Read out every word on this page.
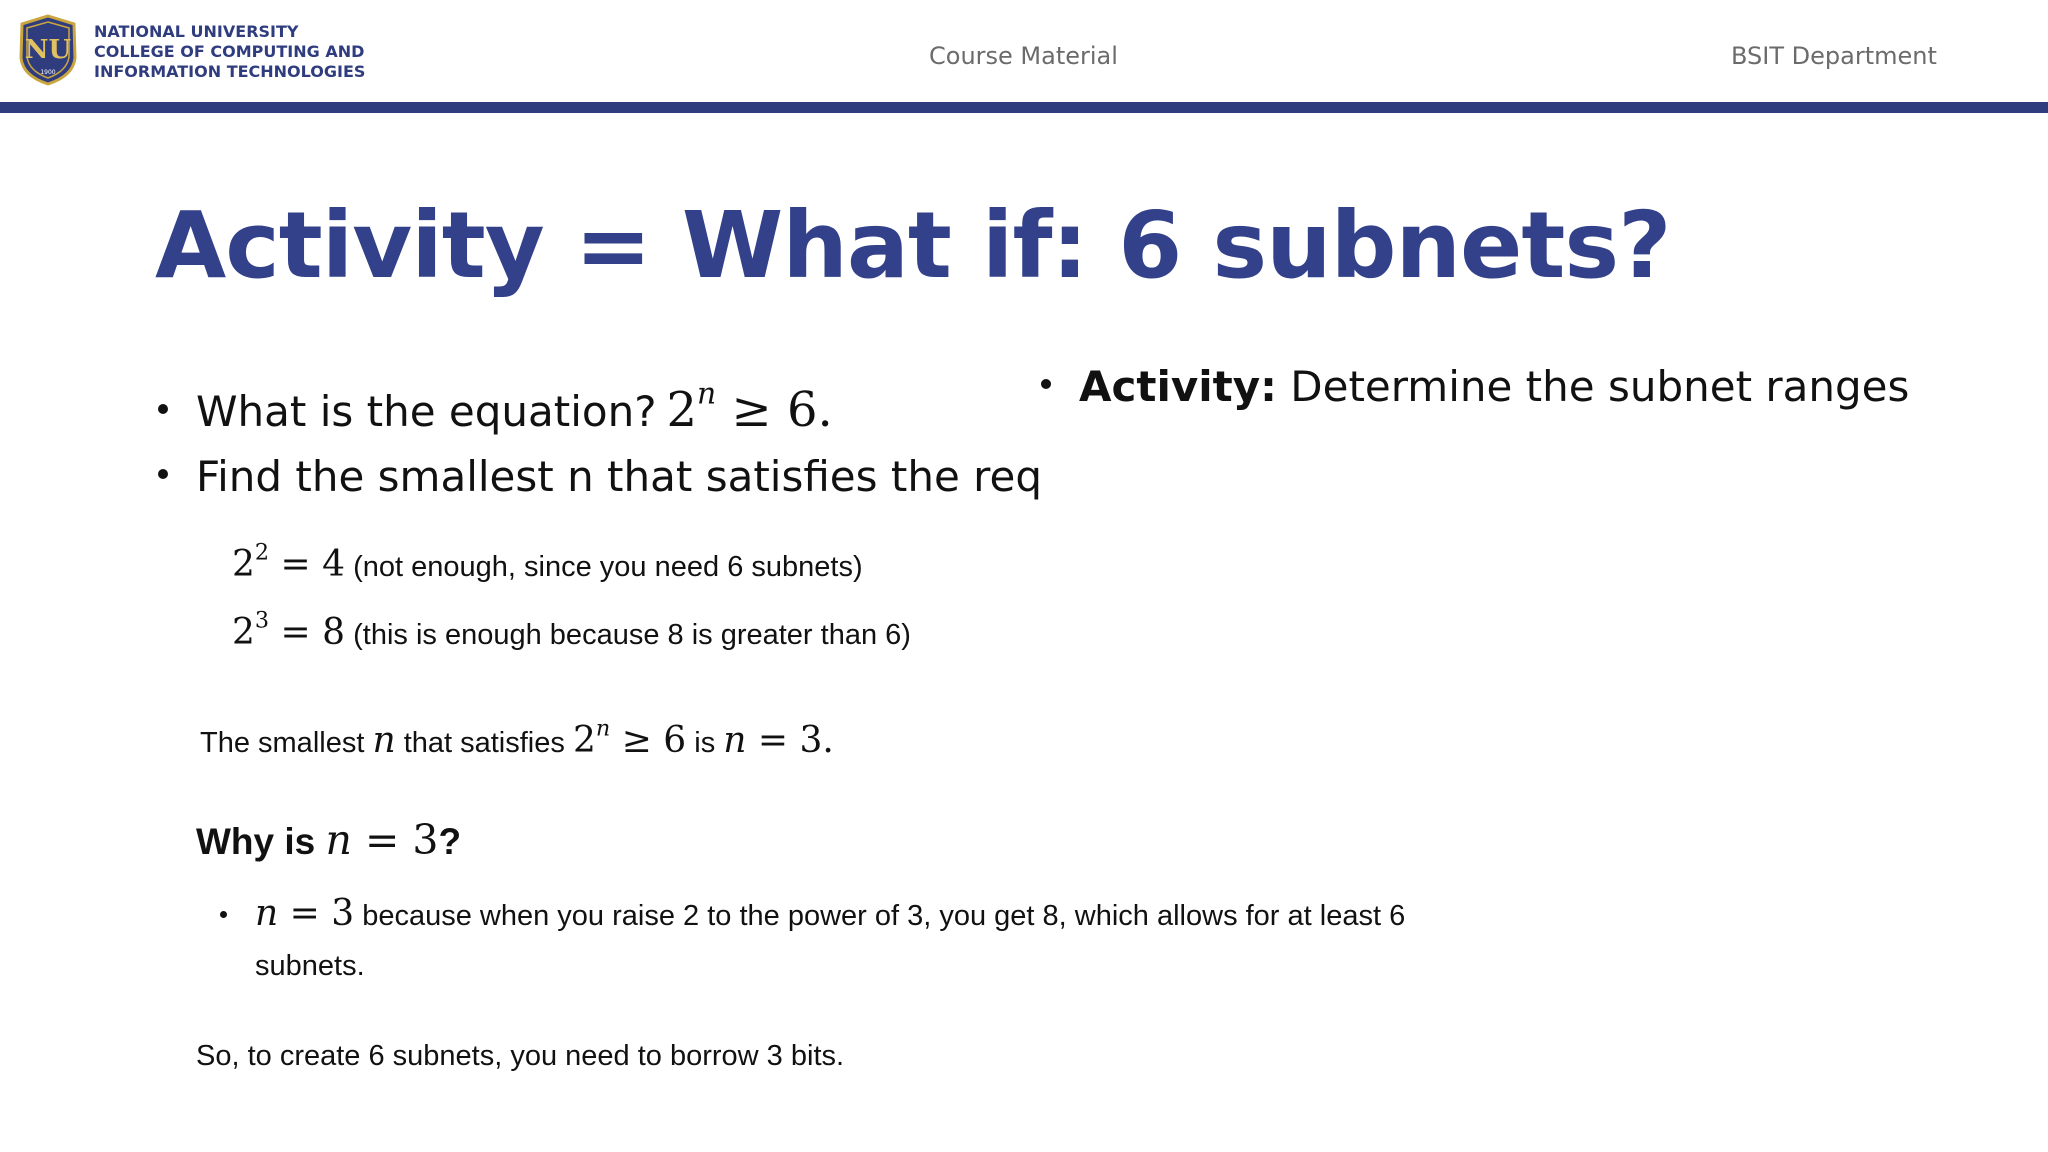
NU
1900
NATIONAL UNIVERSITY
COLLEGE OF COMPUTING AND
INFORMATION TECHNOLOGIES
Course Material	BSIT Department
Activity = What if: 6 subnets?
What is the equation? $2^n \ge 6$.
Find the smallest n that satisfies the req
Activity: Determine the subnet ranges
$2^2 = 4$ (not enough, since you need 6 subnets)
$2^3 = 8$ (this is enough because 8 is greater than 6)
The smallest n that satisfies $2^n \ge 6$ is n = 3.
Why is n = 3?
n = 3 because when you raise 2 to the power of 3, you get 8, which allows for at least 6
subnets.
So, to create 6 subnets, you need to borrow 3 bits.
